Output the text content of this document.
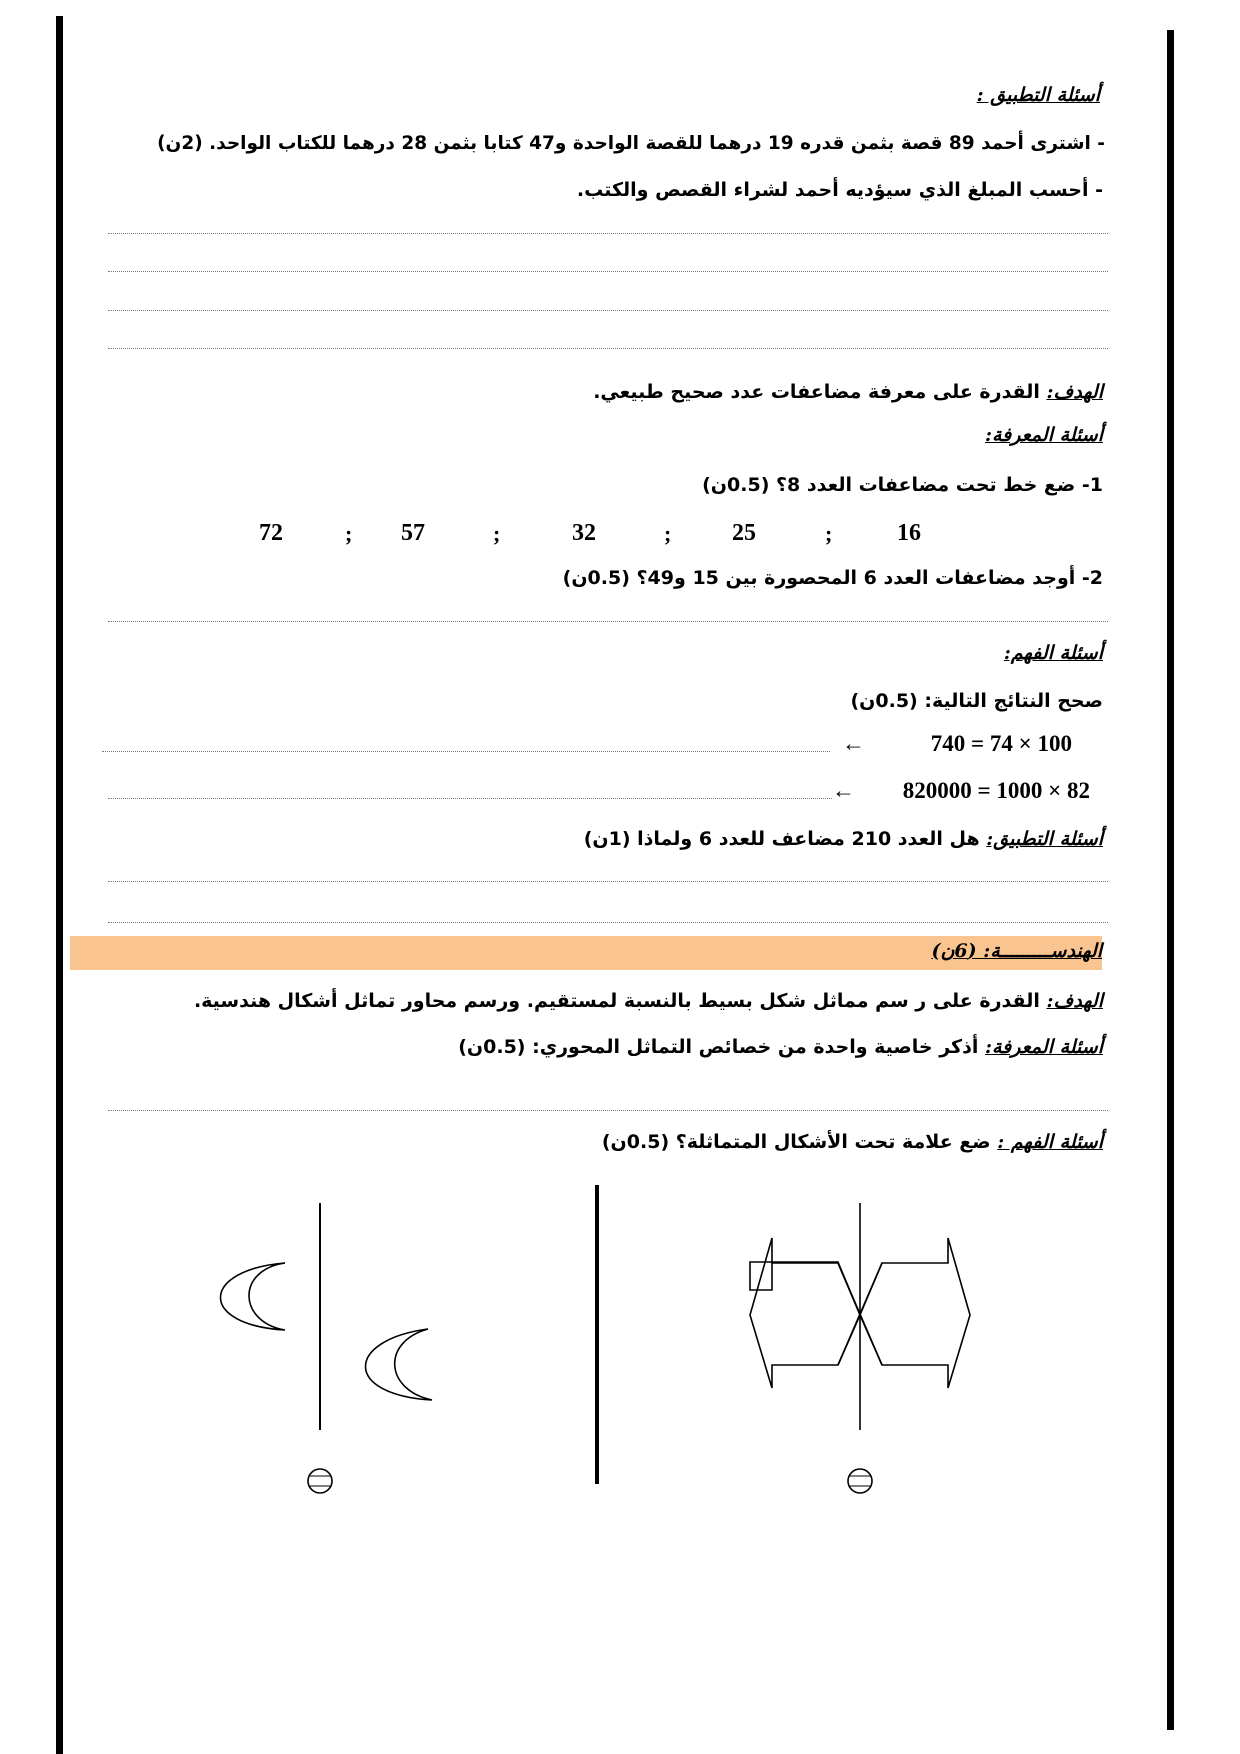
أسئلة التطبيق :
- اشترى أحمد 89 قصة بثمن قدره 19 درهما للقصة الواحدة و47 كتابا بثمن 28 درهما للكتاب الواحد. (2ن)
- أحسب المبلغ الذي سيؤديه أحمد لشراء القصص والكتب.
الهدف: القدرة على معرفة مضاعفات عدد صحيح طبيعي.
أسئلة المعرفة:
1- ضع خط تحت مضاعفات العدد 8؟ (0.5ن)
16
;
25
;
32
;
57
;
72
2- أوجد مضاعفات العدد 6 المحصورة بين 15 و49؟ (0.5ن)
أسئلة الفهم:
صحح النتائج التالية: (0.5ن)
740 = 74 × 100
←
820000 = 1000 × 82
←
أسئلة التطبيق: هل العدد 210 مضاعف للعدد 6 ولماذا (1ن)
الهندســـــــــة: (6ن)
الهدف: القدرة على ر سم مماثل شكل بسيط بالنسبة لمستقيم. ورسم محاور تماثل أشكال هندسية.
أسئلة المعرفة: أذكر خاصية واحدة من خصائص التماثل المحوري: (0.5ن)
أسئلة الفهم : ضع علامة تحت الأشكال المتماثلة؟ (0.5ن)
